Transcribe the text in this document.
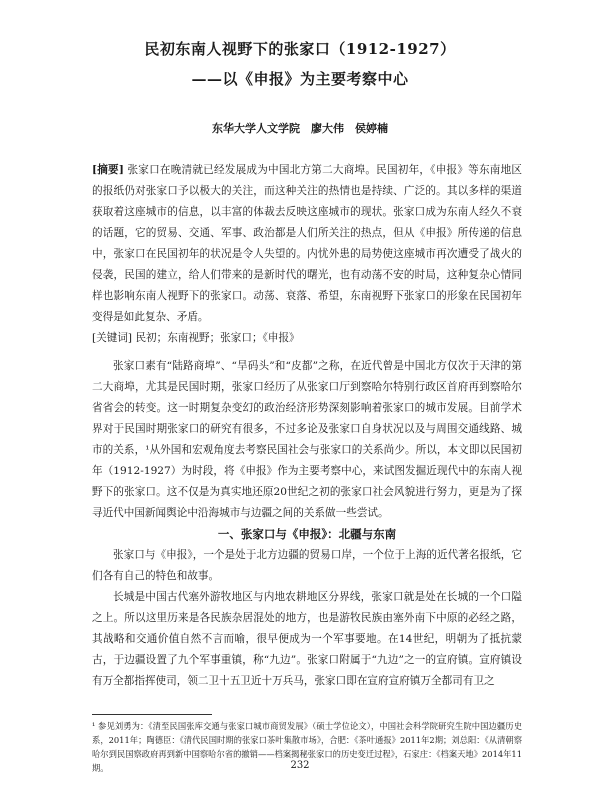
民初东南人视野下的张家口（1912-1927）
——以《申报》为主要考察中心
东华大学人文学院　廖大伟　侯婷楠
[摘要] 张家口在晚清就已经发展成为中国北方第二大商埠。民国初年，《申报》等东南地区的报纸仍对张家口予以极大的关注，而这种关注的热情也是持续、广泛的。其以多样的渠道获取着这座城市的信息，以丰富的体裁去反映这座城市的现状。张家口成为东南人经久不衰的话题，它的贸易、交通、军事、政治都是人们所关注的热点，但从《申报》所传递的信息中，张家口在民国初年的状况是令人失望的。内忧外患的局势使这座城市再次遭受了战火的侵袭，民国的建立，给人们带来的是新时代的曙光，也有动荡不安的时局，这种复杂心情同样也影响东南人视野下的张家口。动荡、衰落、希望，东南视野下张家口的形象在民国初年变得是如此复杂、矛盾。
[关键词] 民初；东南视野；张家口；《申报》

张家口素有“陆路商埠”、“旱码头”和“皮都”之称，在近代曾是中国北方仅次于天津的第二大商埠，尤其是民国时期，张家口经历了从张家口厅到察哈尔特别行政区首府再到察哈尔省省会的转变。这一时期复杂变幻的政治经济形势深刻影响着张家口的城市发展。目前学术界对于民国时期张家口的研究有很多，不过多论及张家口自身状况以及与周围交通线路、城市的关系，¹从外国和宏观角度去考察民国社会与张家口的关系尚少。所以，本文即以民国初年（1912-1927）为时段，将《申报》作为主要考察中心，来试图发掘近现代中的东南人视野下的张家口。这不仅是为真实地还原20世纪之初的张家口社会风貌进行努力，更是为了探寻近代中国新闻舆论中沿海城市与边疆之间的关系做一些尝试。

一、张家口与《申报》：北疆与东南

张家口与《申报》，一个是处于北方边疆的贸易口岸，一个位于上海的近代著名报纸，它们各有自己的特色和故事。

长城是中国古代塞外游牧地区与内地农耕地区分界线，张家口就是处在长城的一个口隘之上。所以这里历来是各民族杂居混处的地方，也是游牧民族由塞外南下中原的必经之路，其战略和交通价值自然不言而喻，很早便成为一个军事要地。在14世纪，明朝为了抵抗蒙古，于边疆设置了九个军事重镇，称“九边”。张家口附属于“九边”之一的宣府镇。宣府镇设有万全都指挥使司，领二卫十五卫近十万兵马，张家口即在宣府宣府镇万全都司有卫之

¹ 参见刘勇为：《清至民国张库交通与张家口城市商贸发展》（硕士学位论文），中国社会科学院研究生院中国边疆历史系，2011年；陶德臣：《清代民国时期的张家口茶叶集散市场》，合肥：《茶叶通报》2011年2期；刘总阳：《从清朝察哈尔到民国察政府再到新中国察哈尔省的撤销——档案揭秘张家口的历史变迁过程》，石家庄：《档案天地》2014年11期。	232
